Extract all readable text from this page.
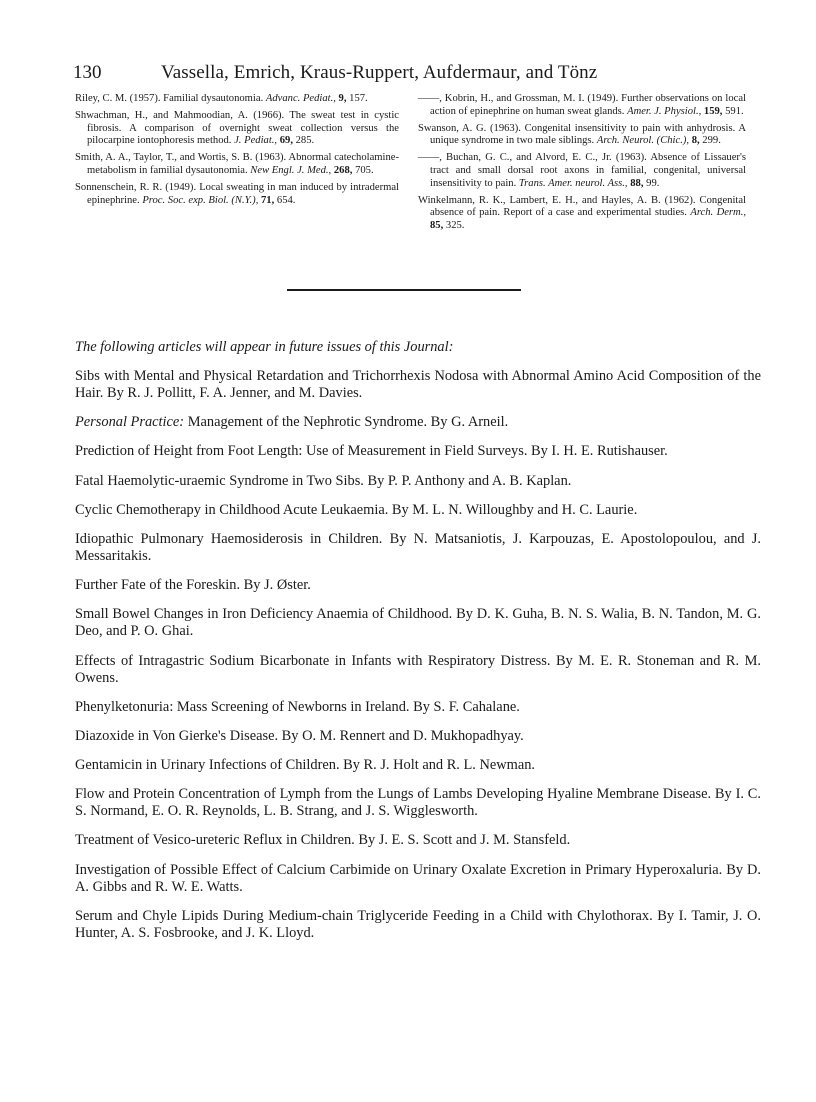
130	Vassella, Emrich, Kraus-Ruppert, Aufdermaur, and Tönz
Riley, C. M. (1957). Familial dysautonomia. Advanc. Pediat., 9, 157.
Shwachman, H., and Mahmoodian, A. (1966). The sweat test in cystic fibrosis. A comparison of overnight sweat collection versus the pilocarpine iontophoresis method. J. Pediat., 69, 285.
Smith, A. A., Taylor, T., and Wortis, S. B. (1963). Abnormal catecholamine-metabolism in familial dysautonomia. New Engl. J. Med., 268, 705.
Sonnenschein, R. R. (1949). Local sweating in man induced by intradermal epinephrine. Proc. Soc. exp. Biol. (N.Y.), 71, 654.
——, Kobrin, H., and Grossman, M. I. (1949). Further observations on local action of epinephrine on human sweat glands. Amer. J. Physiol., 159, 591.
Swanson, A. G. (1963). Congenital insensitivity to pain with anhydrosis. A unique syndrome in two male siblings. Arch. Neurol. (Chic.), 8, 299.
——, Buchan, G. C., and Alvord, E. C., Jr. (1963). Absence of Lissauer's tract and small dorsal root axons in familial, congenital, universal insensitivity to pain. Trans. Amer. neurol. Ass., 88, 99.
Winkelmann, R. K., Lambert, E. H., and Hayles, A. B. (1962). Congenital absence of pain. Report of a case and experimental studies. Arch. Derm., 85, 325.
The following articles will appear in future issues of this Journal:
Sibs with Mental and Physical Retardation and Trichorrhexis Nodosa with Abnormal Amino Acid Composition of the Hair. By R. J. Pollitt, F. A. Jenner, and M. Davies.
Personal Practice: Management of the Nephrotic Syndrome. By G. Arneil.
Prediction of Height from Foot Length: Use of Measurement in Field Surveys. By I. H. E. Rutishauser.
Fatal Haemolytic-uraemic Syndrome in Two Sibs. By P. P. Anthony and A. B. Kaplan.
Cyclic Chemotherapy in Childhood Acute Leukaemia. By M. L. N. Willoughby and H. C. Laurie.
Idiopathic Pulmonary Haemosiderosis in Children. By N. Matsaniotis, J. Karpouzas, E. Apostolopoulou, and J. Messaritakis.
Further Fate of the Foreskin. By J. Øster.
Small Bowel Changes in Iron Deficiency Anaemia of Childhood. By D. K. Guha, B. N. S. Walia, B. N. Tandon, M. G. Deo, and P. O. Ghai.
Effects of Intragastric Sodium Bicarbonate in Infants with Respiratory Distress. By M. E. R. Stoneman and R. M. Owens.
Phenylketonuria: Mass Screening of Newborns in Ireland. By S. F. Cahalane.
Diazoxide in Von Gierke's Disease. By O. M. Rennert and D. Mukhopadhyay.
Gentamicin in Urinary Infections of Children. By R. J. Holt and R. L. Newman.
Flow and Protein Concentration of Lymph from the Lungs of Lambs Developing Hyaline Membrane Disease. By I. C. S. Normand, E. O. R. Reynolds, L. B. Strang, and J. S. Wigglesworth.
Treatment of Vesico-ureteric Reflux in Children. By J. E. S. Scott and J. M. Stansfeld.
Investigation of Possible Effect of Calcium Carbimide on Urinary Oxalate Excretion in Primary Hyperoxaluria. By D. A. Gibbs and R. W. E. Watts.
Serum and Chyle Lipids During Medium-chain Triglyceride Feeding in a Child with Chylothorax. By I. Tamir, J. O. Hunter, A. S. Fosbrooke, and J. K. Lloyd.
